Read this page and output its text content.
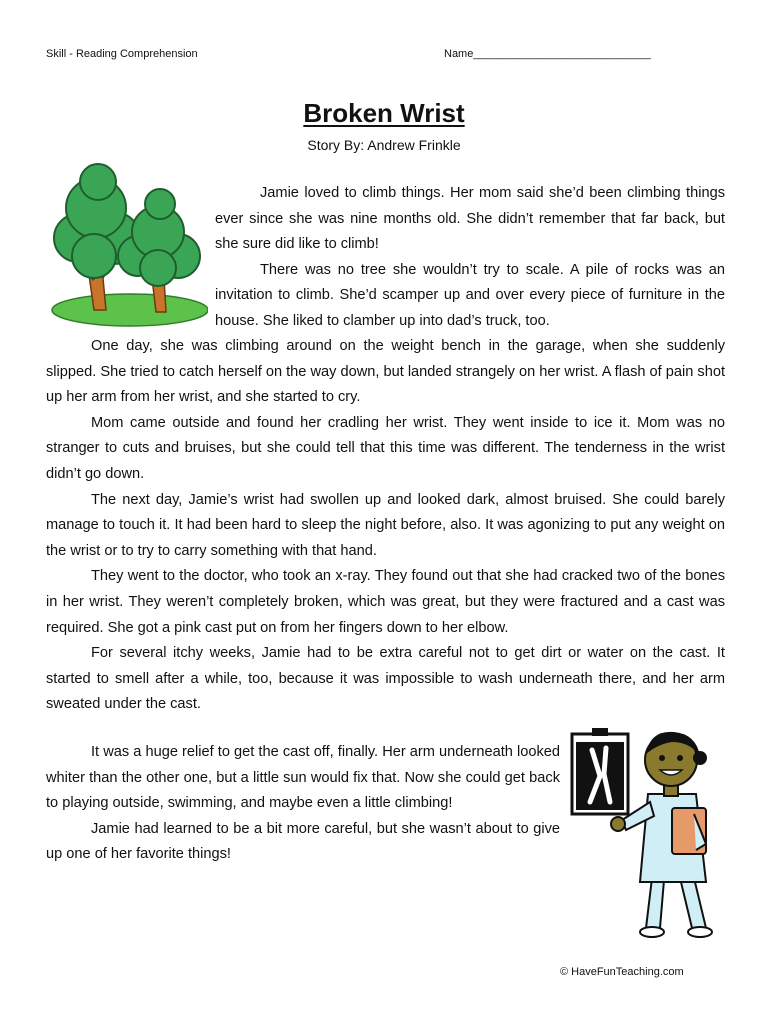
Skill - Reading Comprehension	Name_____________________________
Broken Wrist
Story By: Andrew Frinkle

Jamie loved to climb things. Her mom said she’d been climbing things ever since she was nine months old. She didn’t remember that far back, but she sure did like to climb!

There was no tree she wouldn’t try to scale. A pile of rocks was an invitation to climb. She’d scamper up and over every piece of furniture in the house. She liked to clamber up into dad’s truck, too.

One day, she was climbing around on the weight bench in the garage, when she suddenly slipped. She tried to catch herself on the way down, but landed strangely on her wrist. A flash of pain shot up her arm from her wrist, and she started to cry.

Mom came outside and found her cradling her wrist. They went inside to ice it. Mom was no stranger to cuts and bruises, but she could tell that this time was different. The tenderness in the wrist didn’t go down.

The next day, Jamie’s wrist had swollen up and looked dark, almost bruised. She could barely manage to touch it. It had been hard to sleep the night before, also. It was agonizing to put any weight on the wrist or to try to carry something with that hand.

They went to the doctor, who took an x-ray. They found out that she had cracked two of the bones in her wrist. They weren’t completely broken, which was great, but they were fractured and a cast was required. She got a pink cast put on from her fingers down to her elbow.

For several itchy weeks, Jamie had to be extra careful not to get dirt or water on the cast. It started to smell after a while, too, because it was impossible to wash underneath there, and her arm sweated under the cast.

It was a huge relief to get the cast off, finally. Her arm underneath looked whiter than the other one, but a little sun would fix that. Now she could get back to playing outside, swimming, and maybe even a little climbing!

Jamie had learned to be a bit more careful, but she wasn’t about to give up one of her favorite things!

© HaveFunTeaching.com
